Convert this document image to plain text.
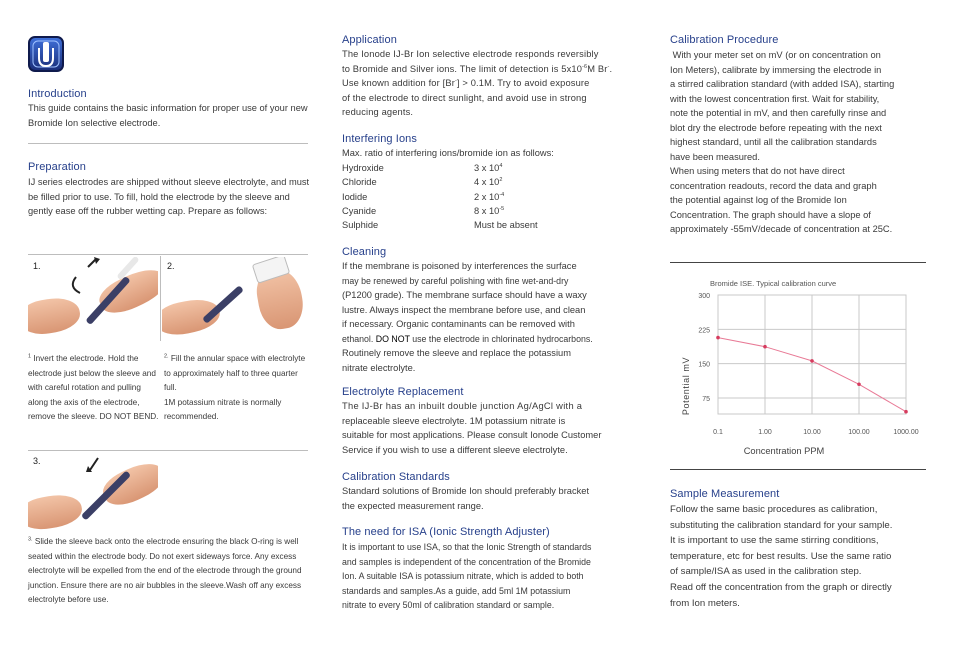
Introduction
This guide contains the basic information for proper use of your new Bromide Ion selective electrode.
Preparation
IJ series electrodes are shipped without sleeve electrolyte, and must be filled prior to use. To fill, hold the electrode by the sleeve and gently ease off the rubber wetting cap. Prepare as follows:
1.	2.
$^1$ Invert the electrode. Hold the electrode just below the sleeve and with careful rotation and pulling along the axis of the electrode, remove the sleeve. DO NOT BEND.
$^{2.}$ Fill the annular space with electrolyte to approximately half to three quarter full.
1M potassium nitrate is normally recommended.
3.
$^{3.}$ Slide the sleeve back onto the electrode ensuring the black O-ring is well seated within the electrode body. Do not exert sideways force. Any excess electrolyte will be expelled from the end of the electrode through the ground junction. Ensure there are no air bubbles in the sleeve.Wash off any excess electrolyte before use.
Application
The Ionode IJ-Br Ion selective electrode responds reversibly
to Bromide and Silver ions. The limit of detection is $5x10^{-6}M$ Br-.
Use known addition for [Br-] > 0.1M. Try to avoid exposure
of the electrode to direct sunlight, and avoid use in strong
reducing agents.
Interfering Ions
Max. ratio of interfering ions/bromide ion as follows:
Hydroxide	3 x $10^4$
Chloride	4 x $10^2$
Iodide	2 x $10^{-4}$
Cyanide	8 x $10^{-5}$
Sulphide	Must be absent
Cleaning
If the membrane is poisoned by interferences the surface
may be renewed by careful polishing with fine wet-and-dry
(P1200 grade). The membrane surface should have a waxy
lustre. Always inspect the membrane before use, and clean
if necessary. Organic contaminants can be removed with
ethanol. DO NOT use the electrode in chlorinated hydrocarbons.
Routinely remove the sleeve and replace the potassium
nitrate electrolyte.
Electrolyte Replacement
The IJ-Br has an inbuilt double junction Ag/AgCl with a
replaceable sleeve electrolyte. 1M potassium nitrate is
suitable for most applications. Please consult Ionode Customer
Service if you wish to use a different sleeve electrolyte.
Calibration Standards
Standard solutions of Bromide Ion should preferably bracket
the expected measurement range.
The need for ISA (Ionic Strength Adjuster)
It is important to use ISA, so that the Ionic Strength of standards
and samples is independent of the concentration of the Bromide
Ion. A suitable ISA is potassium nitrate, which is added to both
standards and samples.As a guide, add 5ml 1M potassium
nitrate to every 50ml of calibration standard or sample.
Calibration Procedure
With your meter set on mV (or on concentration on
Ion Meters), calibrate by immersing the electrode in
a stirred calibration standard (with added ISA), starting
with the lowest concentration first. Wait for stability,
note the potential in mV, and then carefully rinse and
blot dry the electrode before repeating with the next
highest standard, until all the calibration standards
have been measured.
When using meters that do not have direct
concentration readouts, record the data and graph
the potential against log of the Bromide Ion
Concentration. The graph should have a slope of
approximately -55mV/decade of concentration at 25C.
Bromide ISE. Typical calibration curve
Potential mV
Concentration PPM
300
225
150
75
0.1	1.00	10.00	100.00	1000.00
Sample Measurement
Follow the same basic procedures as calibration,
substituting the calibration standard for your sample.
It is important to use the same stirring conditions,
temperature, etc for best results. Use the same ratio
of sample/ISA as used in the calibration step.
Read off the concentration from the graph or directly
from Ion meters.
